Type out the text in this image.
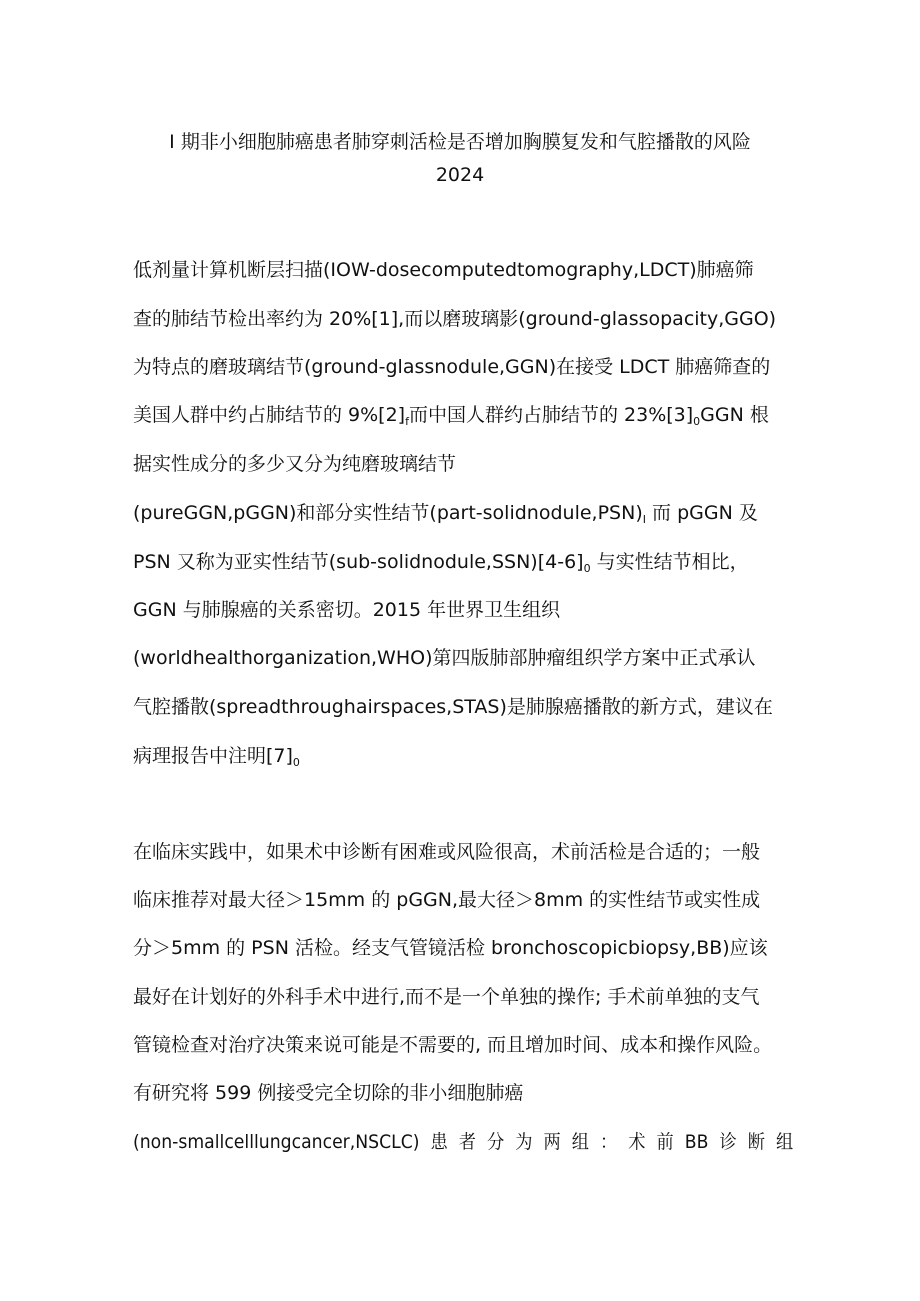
I 期非小细胞肺癌患者肺穿刺活检是否增加胸膜复发和气腔播散的风险
2024
低剂量计算机断层扫描(IOW-dosecomputedtomography,LDCT)肺癌筛
查的肺结节检出率约为 20%[1],而以磨玻璃影(ground-glassopacity,GGO)
为特点的磨玻璃结节(ground-glassnodule,GGN)在接受 LDCT 肺癌筛查的
美国人群中约占肺结节的 $9\%[2]_f$而中国人群约占肺结节的 $23\%[3]_0GGN$ 根
据实性成分的多少又分为纯磨玻璃结节
(pureGGN,pGGN)和部分实性结节$(part-solidnodule,PSN)_I$ 而 pGGN 及
PSN 又称为亚实性结节$(sub-solidnodule,SSN)[4-6]_0$ 与实性结节相比，
GGN 与肺腺癌的关系密切。2015 年世界卫生组织
(worldhealthorganization,WHO)第四版肺部肿瘤组织学方案中正式承认
气腔播散(spreadthroughairspaces,STAS)是肺腺癌播散的新方式，建议在
病理报告中注明$[7]_0$
在临床实践中，如果术中诊断有困难或风险很高，术前活检是合适的；一般
临床推荐对最大径＞15mm 的 pGGN,最大径＞8mm 的实性结节或实性成
分＞5mm 的 PSN 活检。经支气管镜活检 bronchoscopicbiopsy,BB)应该
最好在计划好的外科手术中进行,而不是一个单独的操作; 手术前单独的支气
管镜检查对治疗决策来说可能是不需要的, 而且增加时间、成本和操作风险。
有研究将 599 例接受完全切除的非小细胞肺癌
(non-smallcelllungcancer,NSCLC) 患 者 分 为 两 组 ： 术 前 BB 诊 断 组
